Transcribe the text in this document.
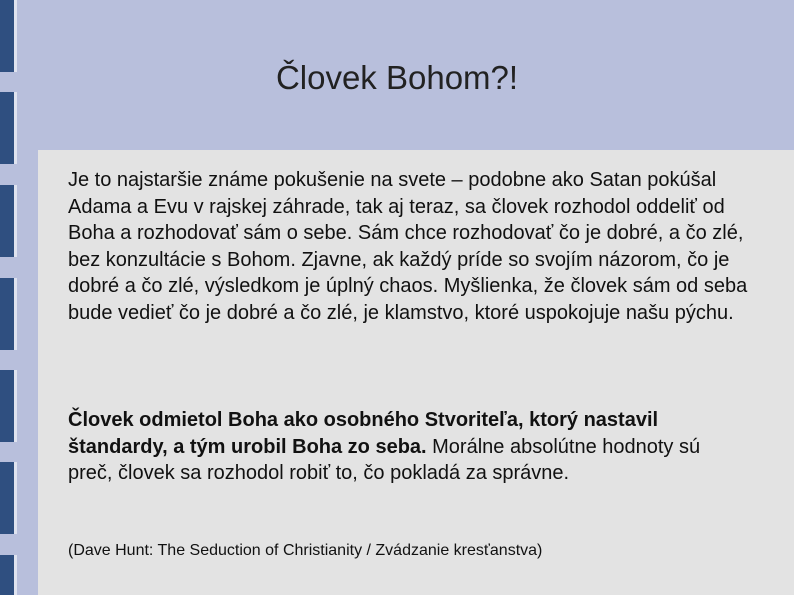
Človek Bohom?!

Je to najstaršie známe pokušenie na svete – podobne ako Satan pokúšal Adama a Evu v rajskej záhrade, tak aj teraz, sa človek rozhodol oddeliť od Boha a rozhodovať sám o sebe. Sám chce rozhodovať čo je dobré, a čo zlé, bez konzultácie s Bohom. Zjavne, ak každý príde so svojím názorom, čo je dobré a čo zlé, výsledkom je úplný chaos. Myšlienka, že človek sám od seba bude vedieť čo je dobré a čo zlé, je klamstvo, ktoré uspokojuje našu pýchu.

Človek odmietol Boha ako osobného Stvoriteľa, ktorý nastavil štandardy, a tým urobil Boha zo seba. Morálne absolútne hodnoty sú preč, človek sa rozhodol robiť to, čo pokladá za správne.

(Dave Hunt: The Seduction of Christianity / Zvádzanie kresťanstva)
